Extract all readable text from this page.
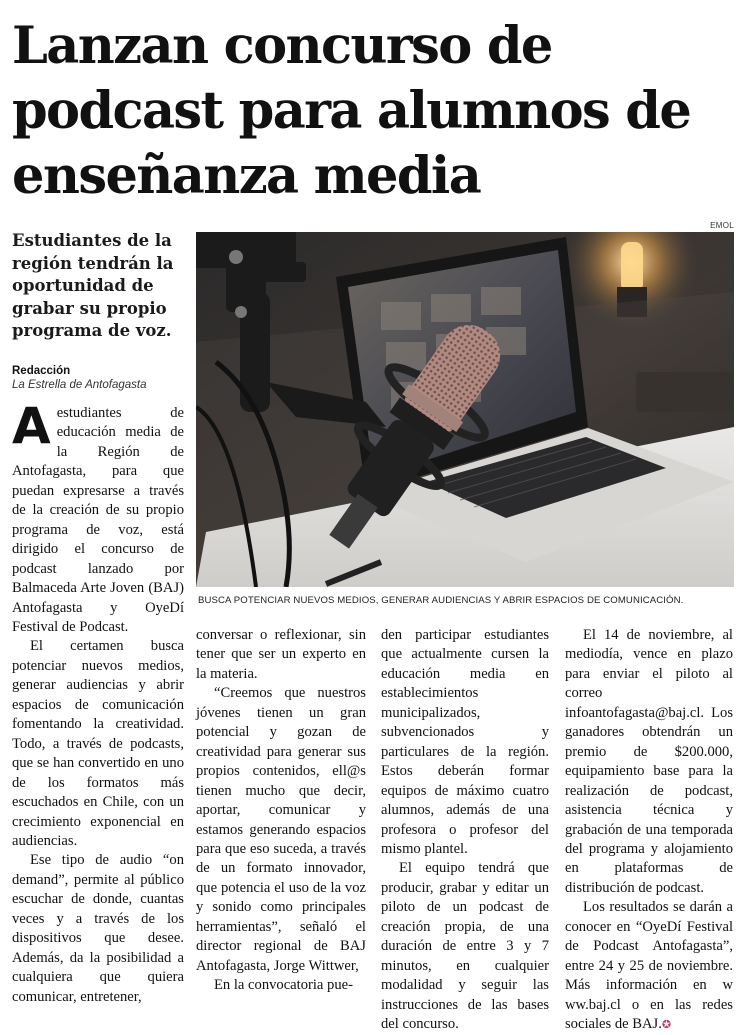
Lanzan concurso de podcast para alumnos de enseñanza media
EMOL

Estudiantes de la región tendrán la oportunidad de grabar su propio programa de voz.

Redacción
La Estrella de Antofagasta
BUSCA POTENCIAR NUEVOS MEDIOS, GENERAR AUDIENCIAS Y ABRIR ESPACIOS DE COMUNICACIÓN.

Aestudiantes de educación media de la Región de Antofagasta, para que puedan expresarse a través de la creación de su propio programa de voz, está dirigido el concurso de podcast lanzado por Balmaceda Arte Joven (BAJ) Antofagasta y OyeDí Festival de Podcast.

El certamen busca potenciar nuevos medios, generar audiencias y abrir espacios de comunicación fomentando la creatividad. Todo, a través de podcasts, que se han convertido en uno de los formatos más escuchados en Chile, con un crecimiento exponencial en audiencias.

Ese tipo de audio “on demand”, permite al público escuchar de donde, cuantas veces y a través de los dispositivos que desee. Además, da la posibilidad a cualquiera que quiera comunicar, entretener,

conversar o reflexionar, sin tener que ser un experto en la materia.

“Creemos que nuestros jóvenes tienen un gran potencial y gozan de creatividad para generar sus propios contenidos, ell@s tienen mucho que decir, aportar, comunicar y estamos generando espacios para que eso suceda, a través de un formato innovador, que potencia el uso de la voz y sonido como principales herramientas”, señaló el director regional de BAJ Antofagasta, Jorge Wittwer,

En la convocatoria pue-

den participar estudiantes que actualmente cursen la educación media en establecimientos municipalizados, subvencionados y particulares de la región. Estos deberán formar equipos de máximo cuatro alumnos, además de una profesora o profesor del mismo plantel.

El equipo tendrá que producir, grabar y editar un piloto de un podcast de creación propia, de una duración de entre 3 y 7 minutos, en cualquier modalidad y seguir las instrucciones de las bases del concurso.

El 14 de noviembre, al mediodía, vence en plazo para enviar el piloto al correo infoantofagasta@baj.cl. Los ganadores obtendrán un premio de $200.000, equipamiento base para la realización de podcast, asistencia técnica y grabación de una temporada del programa y alojamiento en plataformas de distribución de podcast.

Los resultados se darán a conocer en “OyeDí Festival de Podcast Antofagasta”, entre 24 y 25 de noviembre. Más información en w ww.baj.cl o en las redes sociales de BAJ.✪
